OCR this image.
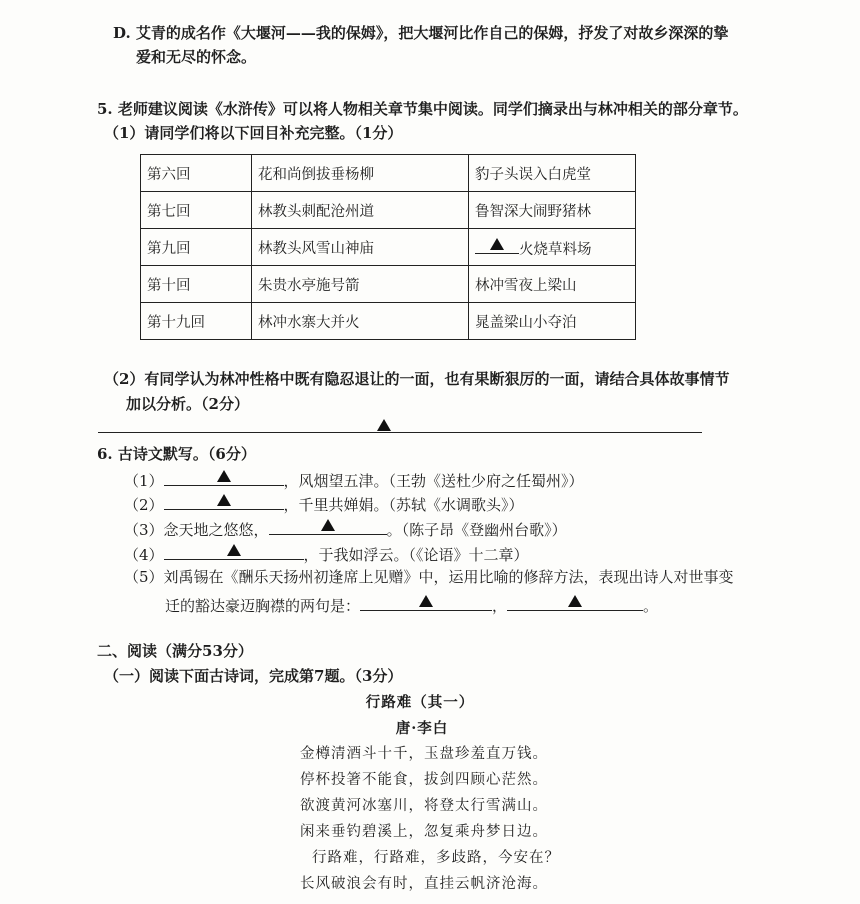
D. 艾青的成名作《大堰河——我的保姆》，把大堰河比作自己的保姆，抒发了对故乡深深的挚
爱和无尽的怀念。
5. 老师建议阅读《水浒传》可以将人物相关章节集中阅读。同学们摘录出与林冲相关的部分章节。
（1）请同学们将以下回目补充完整。（1分）
第六回	花和尚倒拔垂杨柳	豹子头误入白虎堂
第七回	林教头刺配沧州道	鲁智深大闹野猪林
第九回	林教头风雪山神庙	火烧草料场
第十回	朱贵水亭施号箭	林冲雪夜上梁山
第十九回	林冲水寨大并火	晁盖梁山小夺泊
（2）有同学认为林冲性格中既有隐忍退让的一面，也有果断狠厉的一面，请结合具体故事情节
加以分析。（2分）
6. 古诗文默写。（6分）
（1）	，风烟望五津。（王勃《送杜少府之任蜀州》）
（2）	，千里共婵娟。（苏轼《水调歌头》）
（3）念天地之悠悠，	。（陈子昂《登幽州台歌》）
（4）	，于我如浮云。（《论语》十二章）
（5）刘禹锡在《酬乐天扬州初逢席上见赠》中，运用比喻的修辞方法，表现出诗人对世事变
迁的豁达豪迈胸襟的两句是：	，	。
二、阅读（满分53分）
（一）阅读下面古诗词，完成第7题。（3分）
行路难（其一）
唐·李白
金樽清酒斗十千，玉盘珍羞直万钱。
停杯投箸不能食，拔剑四顾心茫然。
欲渡黄河冰塞川，将登太行雪满山。
闲来垂钓碧溪上，忽复乘舟梦日边。
行路难，行路难，多歧路，今安在？
长风破浪会有时，直挂云帆济沧海。
